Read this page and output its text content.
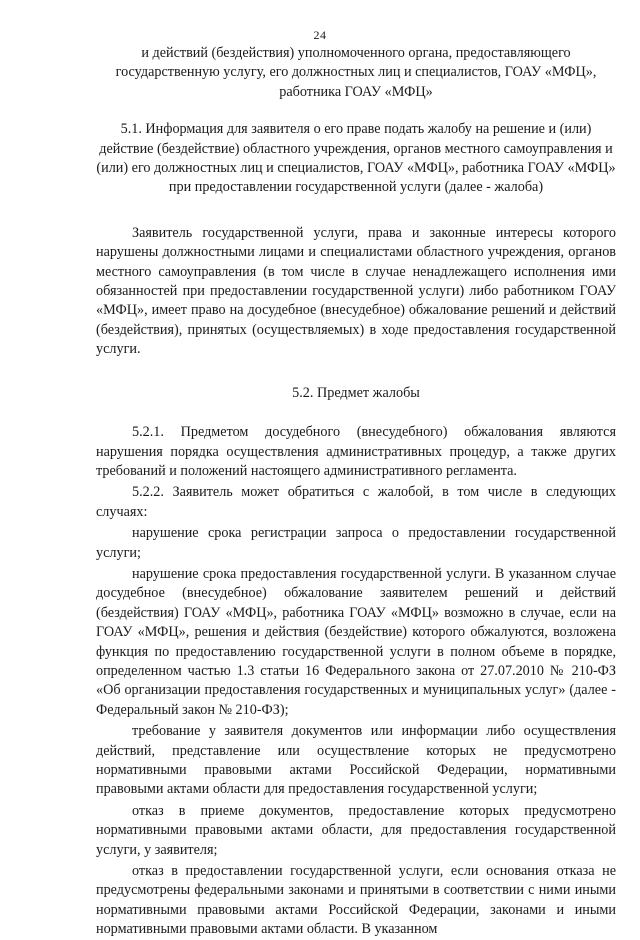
24

и действий (бездействия) уполномоченного органа, предоставляющего государственную услугу, его должностных лиц и специалистов, ГОАУ «МФЦ», работника ГОАУ «МФЦ»

5.1. Информация для заявителя о его праве подать жалобу на решение и (или) действие (бездействие) областного учреждения, органов местного самоуправления и (или) его должностных лиц и специалистов, ГОАУ «МФЦ», работника ГОАУ «МФЦ» при предоставлении государственной услуги (далее - жалоба)

Заявитель государственной услуги, права и законные интересы которого нарушены должностными лицами и специалистами областного учреждения, органов местного самоуправления (в том числе в случае ненадлежащего исполнения ими обязанностей при предоставлении государственной услуги) либо работником ГОАУ «МФЦ», имеет право на досудебное (внесудебное) обжалование решений и действий (бездействия), принятых (осуществляемых) в ходе предоставления государственной услуги.

5.2. Предмет жалобы

5.2.1. Предметом досудебного (внесудебного) обжалования являются нарушения порядка осуществления административных процедур, а также других требований и положений настоящего административного регламента.

5.2.2. Заявитель может обратиться с жалобой, в том числе в следующих случаях:

нарушение срока регистрации запроса о предоставлении государственной услуги;

нарушение срока предоставления государственной услуги. В указанном случае досудебное (внесудебное) обжалование заявителем решений и действий (бездействия) ГОАУ «МФЦ», работника ГОАУ «МФЦ» возможно в случае, если на ГОАУ «МФЦ», решения и действия (бездействие) которого обжалуются, возложена функция по предоставлению государственной услуги в полном объеме в порядке, определенном частью 1.3 статьи 16 Федерального закона от 27.07.2010 № 210-ФЗ «Об организации предоставления государственных и муниципальных услуг» (далее - Федеральный закон № 210-ФЗ);

требование у заявителя документов или информации либо осуществления действий, представление или осуществление которых не предусмотрено нормативными правовыми актами Российской Федерации, нормативными правовыми актами области для предоставления государственной услуги;

отказ в приеме документов, предоставление которых предусмотрено нормативными правовыми актами области, для предоставления государственной услуги, у заявителя;

отказ в предоставлении государственной услуги, если основания отказа не предусмотрены федеральными законами и принятыми в соответствии с ними иными нормативными правовыми актами Российской Федерации, законами и иными нормативными правовыми актами области. В указанном
